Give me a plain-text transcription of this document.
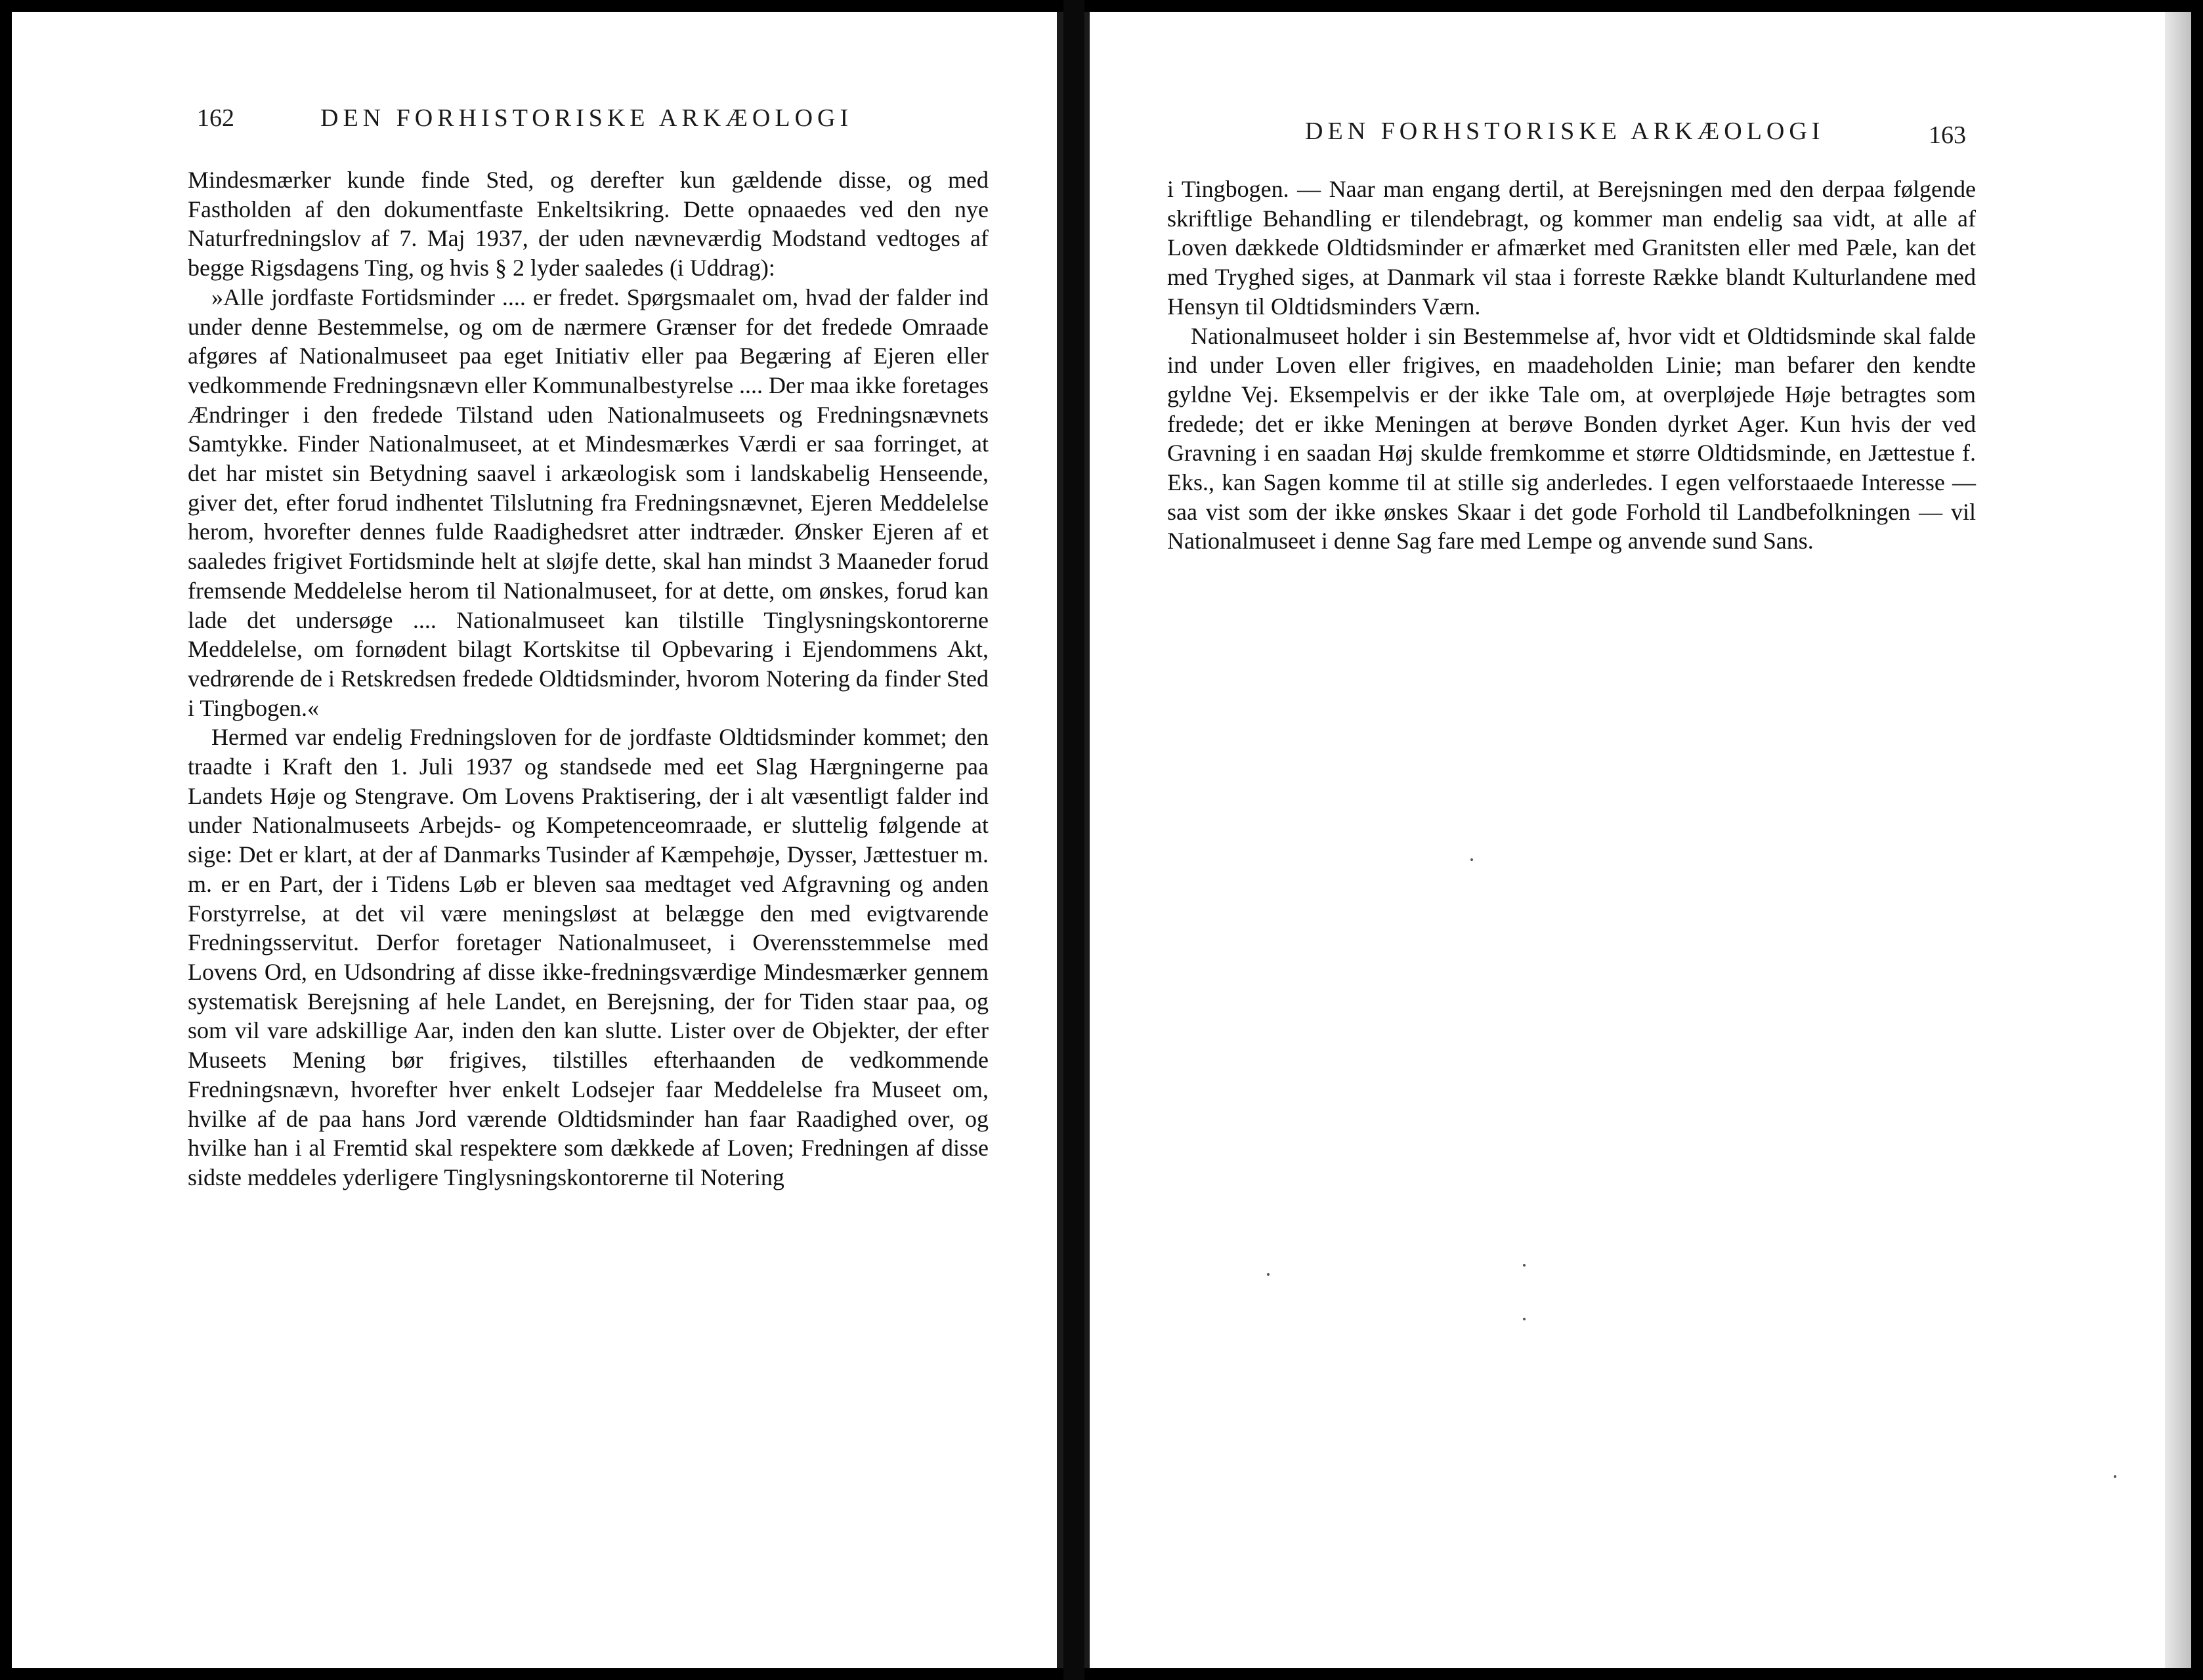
162	DEN FORHISTORISKE ARKÆOLOGI

Mindesmærker kunde finde Sted, og derefter kun gældende disse, og med Fastholden af den dokumentfaste Enkeltsikring. Dette opnaaedes ved den nye Naturfredningslov af 7. Maj 1937, der uden nævneværdig Modstand vedtoges af begge Rigsdagens Ting, og hvis § 2 lyder saaledes (i Uddrag):

»Alle jordfaste Fortidsminder .... er fredet. Spørgsmaalet om, hvad der falder ind under denne Bestemmelse, og om de nærmere Grænser for det fredede Omraade afgøres af Nationalmuseet paa eget Initiativ eller paa Begæring af Ejeren eller vedkommende Fredningsnævn eller Kommunalbestyrelse .... Der maa ikke foretages Ændringer i den fredede Tilstand uden Nationalmuseets og Fredningsnævnets Samtykke. Finder Nationalmuseet, at et Mindesmærkes Værdi er saa forringet, at det har mistet sin Betydning saavel i arkæologisk som i landskabelig Henseende, giver det, efter forud indhentet Tilslutning fra Fredningsnævnet, Ejeren Meddelelse herom, hvorefter dennes fulde Raadighedsret atter indtræder. Ønsker Ejeren af et saaledes frigivet Fortidsminde helt at sløjfe dette, skal han mindst 3 Maaneder forud fremsende Meddelelse herom til Nationalmuseet, for at dette, om ønskes, forud kan lade det undersøge .... Nationalmuseet kan tilstille Tinglysningskontorerne Meddelelse, om fornødent bilagt Kortskitse til Opbevaring i Ejendommens Akt, vedrørende de i Retskredsen fredede Oldtidsminder, hvorom Notering da finder Sted i Tingbogen.«

Hermed var endelig Fredningsloven for de jordfaste Oldtidsminder kommet; den traadte i Kraft den 1. Juli 1937 og standsede med eet Slag Hærgningerne paa Landets Høje og Stengrave. Om Lovens Praktisering, der i alt væsentligt falder ind under Nationalmuseets Arbejds- og Kompetenceomraade, er sluttelig følgende at sige: Det er klart, at der af Danmarks Tusinder af Kæmpehøje, Dysser, Jættestuer m. m. er en Part, der i Tidens Løb er bleven saa medtaget ved Afgravning og anden Forstyrrelse, at det vil være meningsløst at belægge den med evigtvarende Fredningsservitut. Derfor foretager Nationalmuseet, i Overensstemmelse med Lovens Ord, en Udsondring af disse ikke-fredningsværdige Mindesmærker gennem systematisk Berejsning af hele Landet, en Berejsning, der for Tiden staar paa, og som vil vare adskillige Aar, inden den kan slutte. Lister over de Objekter, der efter Museets Mening bør frigives, tilstilles efterhaanden de vedkommende Fredningsnævn, hvorefter hver enkelt Lodsejer faar Meddelelse fra Museet om, hvilke af de paa hans Jord værende Oldtidsminder han faar Raadighed over, og hvilke han i al Fremtid skal respektere som dækkede af Loven; Fredningen af disse sidste meddeles yderligere Tinglysningskontorerne til Notering

DEN FORHSTORISKE ARKÆOLOGI	163

i Tingbogen. — Naar man engang dertil, at Berejsningen med den derpaa følgende skriftlige Behandling er tilendebragt, og kommer man endelig saa vidt, at alle af Loven dækkede Oldtidsminder er afmærket med Granitsten eller med Pæle, kan det med Tryghed siges, at Danmark vil staa i forreste Række blandt Kulturlandene med Hensyn til Oldtidsminders Værn.

Nationalmuseet holder i sin Bestemmelse af, hvor vidt et Oldtidsminde skal falde ind under Loven eller frigives, en maadeholden Linie; man befarer den kendte gyldne Vej. Eksempelvis er der ikke Tale om, at overpløjede Høje betragtes som fredede; det er ikke Meningen at berøve Bonden dyrket Ager. Kun hvis der ved Gravning i en saadan Høj skulde fremkomme et større Oldtidsminde, en Jættestue f. Eks., kan Sagen komme til at stille sig anderledes. I egen velforstaaede Interesse — saa vist som der ikke ønskes Skaar i det gode Forhold til Landbefolkningen — vil Nationalmuseet i denne Sag fare med Lempe og anvende sund Sans.
